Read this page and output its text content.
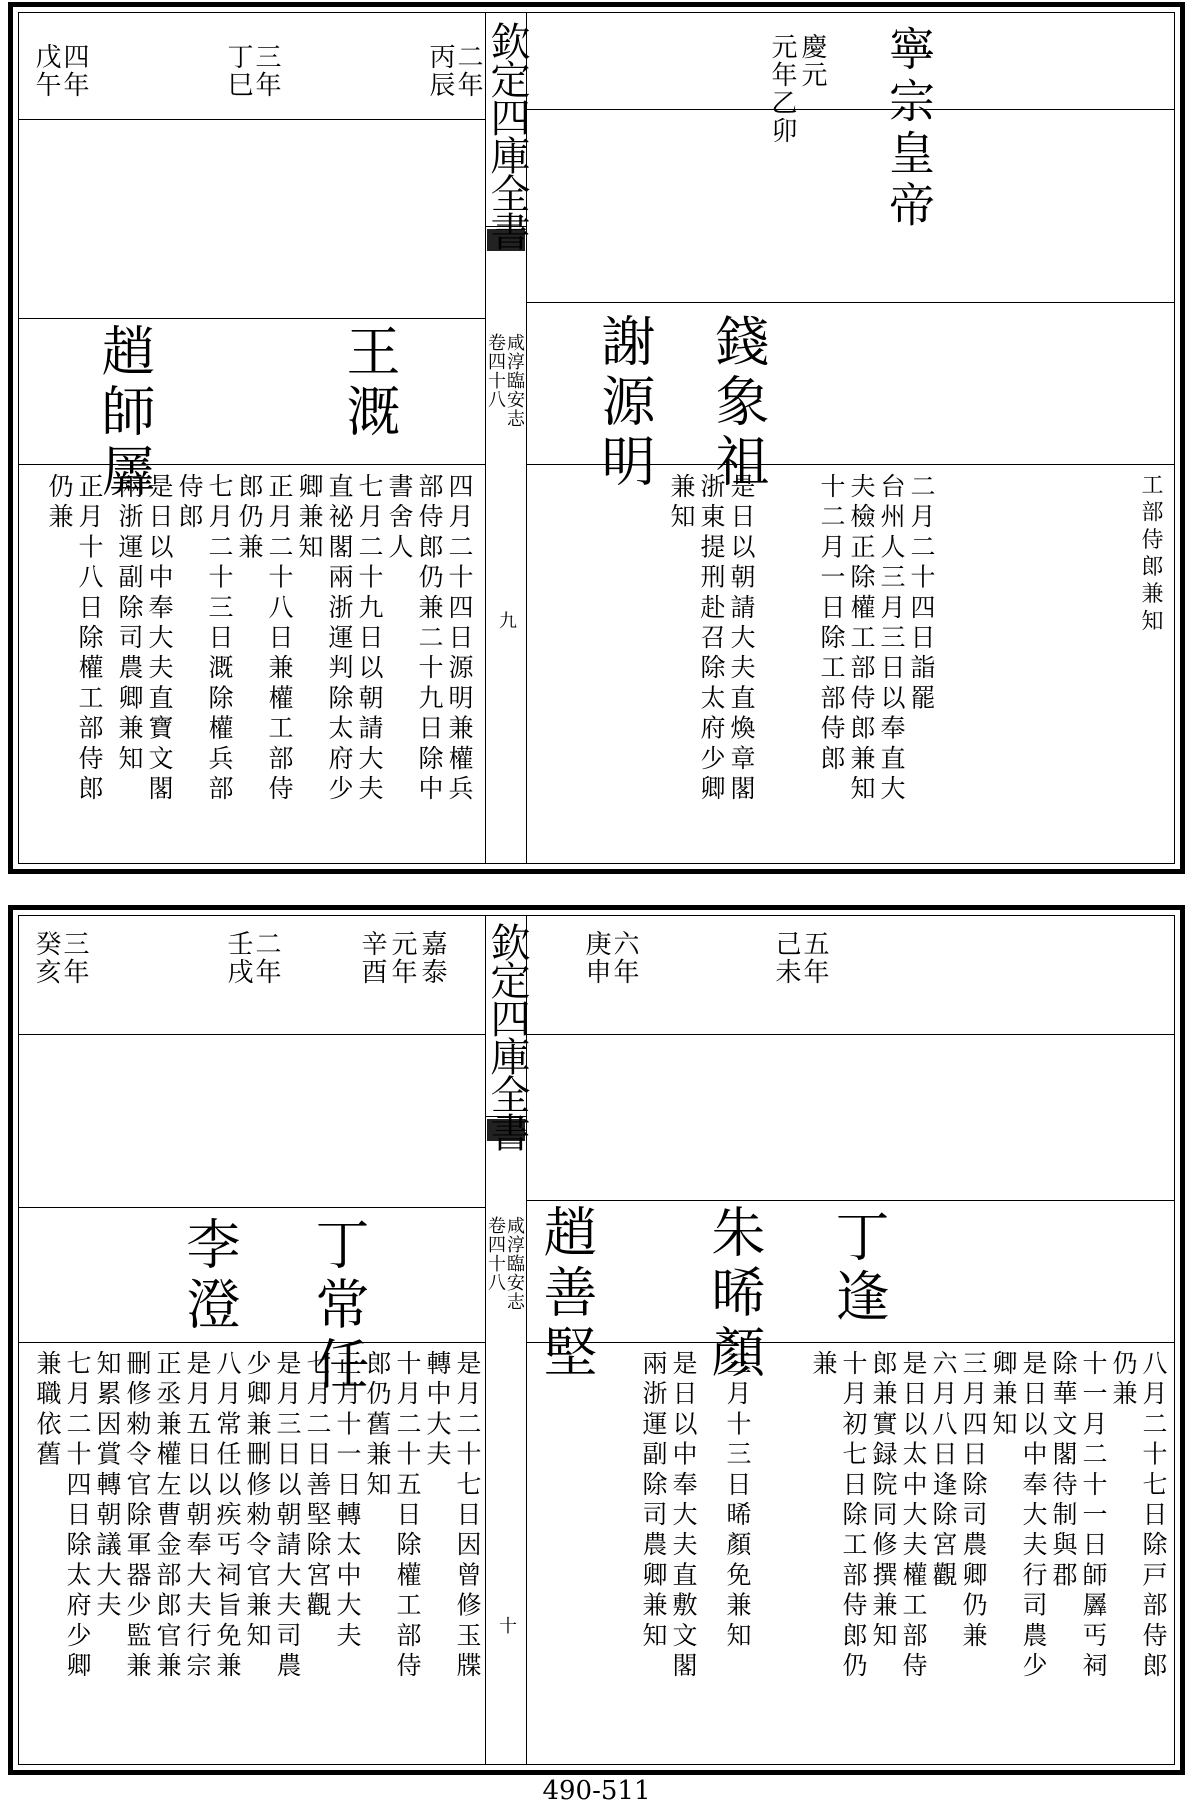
欽定四庫全書
咸淳臨安志
卷四十八
九
寧宗皇帝
慶元
元年乙卯
工部侍郎兼知
錢象祖
謝源明
二月二十四日詣罷
台州人三月三日以奉直大
夫檢正除權工部侍郎兼知
十二月一日除工部侍郎
是日以朝請大夫直煥章閣
浙東提刑赴召除太府少卿
兼知
二年
丙辰
三年
丁巳
四年
戊午
王溉
趙師羼
四月二十四日源明兼權兵
部侍郎仍兼二十九日除中
書舍人
七月二十九日以朝請大夫
直祕閣兩浙運判除太府少
卿兼知
正月二十八日兼權工部侍
郎仍兼
七月二十三日溉除權兵部
侍郎
是日以中奉大夫直寶文閣
兩浙運副除司農卿兼知
正月十八日除權工部侍郎
仍兼
欽定四庫全書
咸淳臨安志
卷四十八
十
五年
己未
六年
庚申
丁逢
朱晞顏
趙善堅
八月二十七日除戸部侍郎
仍兼
十一月二十一日師羼丐祠
除華文閣待制與郡
是日以中奉大夫行司農少
卿兼知
三月四日除司農卿仍兼
六月八日逢除宮觀
是日以太中大夫權工部侍
郎兼實録院同修撰兼知
十月初七日除工部侍郎仍
兼
三月十三日晞顏免兼知
是日以中奉大夫直敷文閣
兩浙運副除司農卿兼知
嘉泰
元年
辛酉
二年
壬戌
三年
癸亥
丁常任
李澄
是月二十七日因曾修玉牒
轉中大夫
十月二十五日除權工部侍
郎仍舊兼知
正月十一日轉太中大夫
七月二日善堅除宮觀
是月三日以朝請大夫司農
少卿兼刪修勑令官兼知
八月常任以疾丐祠旨免兼
是月五日以朝奉大夫行宗
正丞兼權左曹金部郎官兼
刪修勑令官除軍器少監兼
知累因賞轉朝議大夫
七月二十四日除太府少卿
兼職依舊
490-511
